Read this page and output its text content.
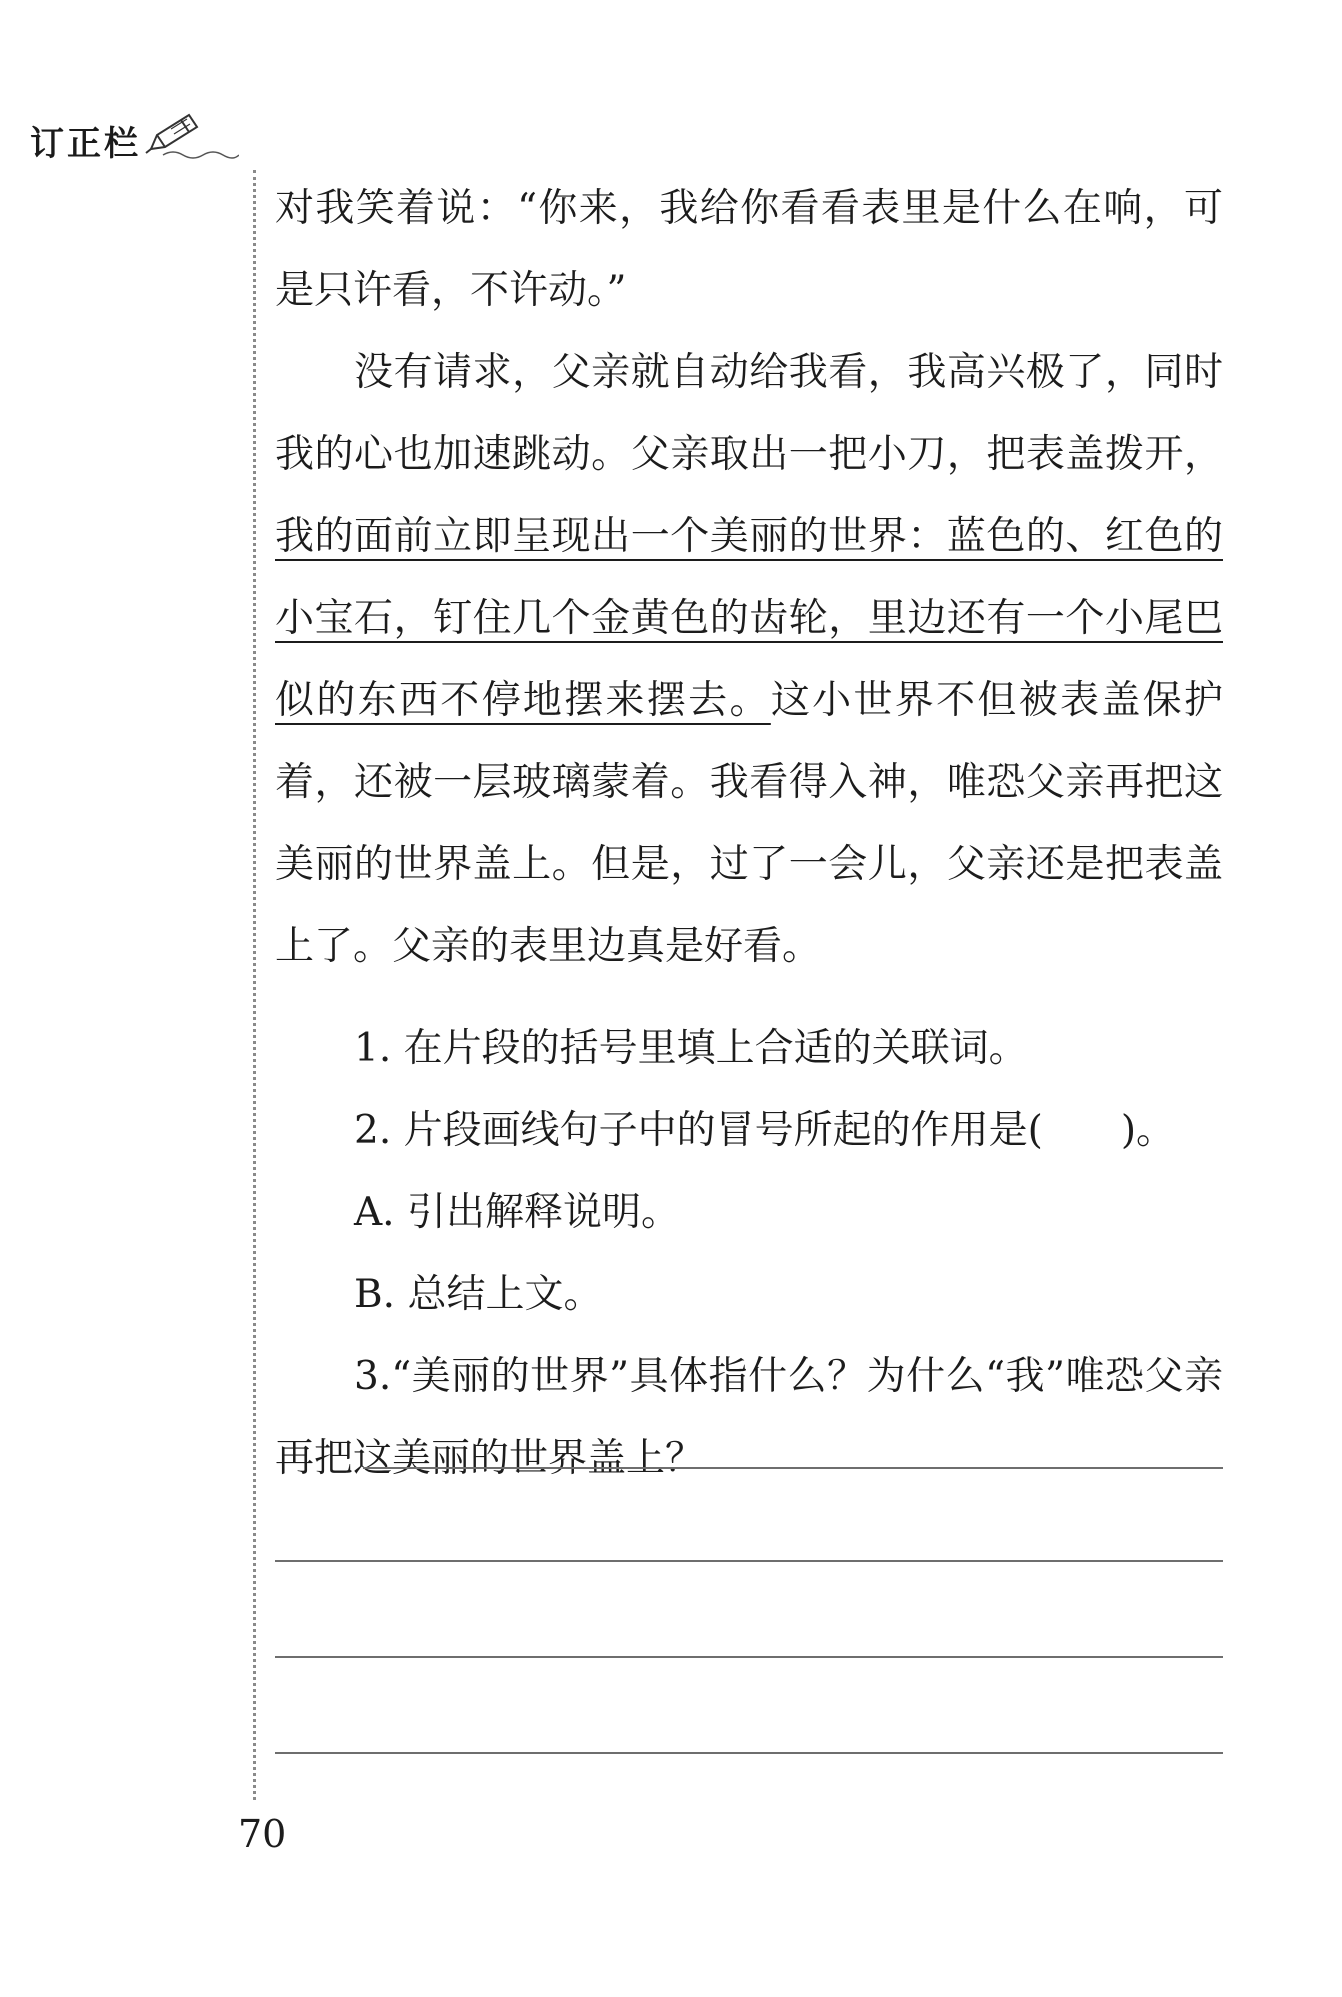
订正栏

对我笑着说：“你来，我给你看看表里是什么在响，可是只许看，不许动。”

没有请求，父亲就自动给我看，我高兴极了，同时我的心也加速跳动。父亲取出一把小刀，把表盖拨开，我的面前立即呈现出一个美丽的世界：蓝色的、红色的小宝石，钉住几个金黄色的齿轮，里边还有一个小尾巴似的东西不停地摆来摆去。这小世界不但被表盖保护着，还被一层玻璃蒙着。我看得入神，唯恐父亲再把这美丽的世界盖上。但是，过了一会儿，父亲还是把表盖上了。父亲的表里边真是好看。

1. 在片段的括号里填上合适的关联词。

2. 片段画线句子中的冒号所起的作用是(　　)。

A. 引出解释说明。

B. 总结上文。

3.“美丽的世界”具体指什么？为什么“我”唯恐父亲再把这美丽的世界盖上？

70
